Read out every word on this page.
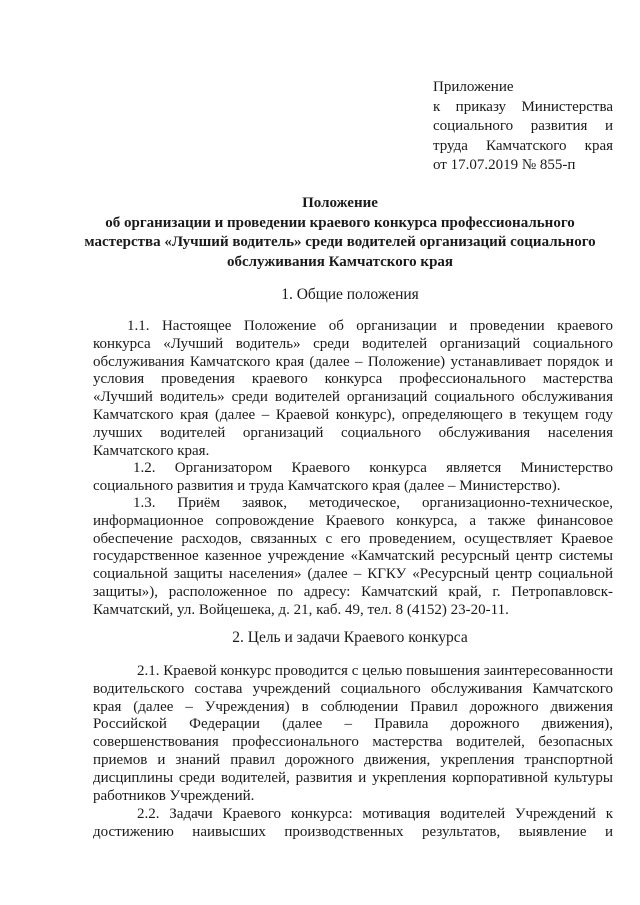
Приложение
к приказу Министерства
социального развития и
труда Камчатского края
от 17.07.2019 № 855-п
Положение
об организации и проведении краевого конкурса профессионального
мастерства «Лучший водитель» среди водителей организаций социального
обслуживания Камчатского края
1. Общие положения
1.1. Настоящее Положение об организации и проведении краевого
конкурса «Лучший водитель» среди водителей организаций социального
обслуживания Камчатского края (далее – Положение) устанавливает порядок и
условия проведения краевого конкурса профессионального мастерства
«Лучший водитель» среди водителей организаций социального обслуживания
Камчатского края (далее – Краевой конкурс), определяющего в текущем году
лучших водителей организаций социального обслуживания населения
Камчатского края.
1.2. Организатором Краевого конкурса является Министерство
социального развития и труда Камчатского края (далее – Министерство).
1.3. Приём заявок, методическое, организационно-техническое,
информационное сопровождение Краевого конкурса, а также финансовое
обеспечение расходов, связанных с его проведением, осуществляет Краевое
государственное казенное учреждение «Камчатский ресурсный центр системы
социальной защиты населения» (далее – КГКУ «Ресурсный центр социальной
защиты»), расположенное по адресу: Камчатский край, г. Петропавловск-
Камчатский, ул. Войцешека, д. 21, каб. 49, тел. 8 (4152) 23-20-11.
2. Цель и задачи Краевого конкурса
2.1. Краевой конкурс проводится с целью повышения заинтересованности
водительского состава учреждений социального обслуживания Камчатского
края (далее – Учреждения) в соблюдении Правил дорожного движения
Российской Федерации (далее – Правила дорожного движения),
совершенствования профессионального мастерства водителей, безопасных
приемов и знаний правил дорожного движения, укрепления транспортной
дисциплины среди водителей, развития и укрепления корпоративной культуры
работников Учреждений.
2.2. Задачи Краевого конкурса: мотивация водителей Учреждений к
достижению наивысших производственных результатов, выявление и
